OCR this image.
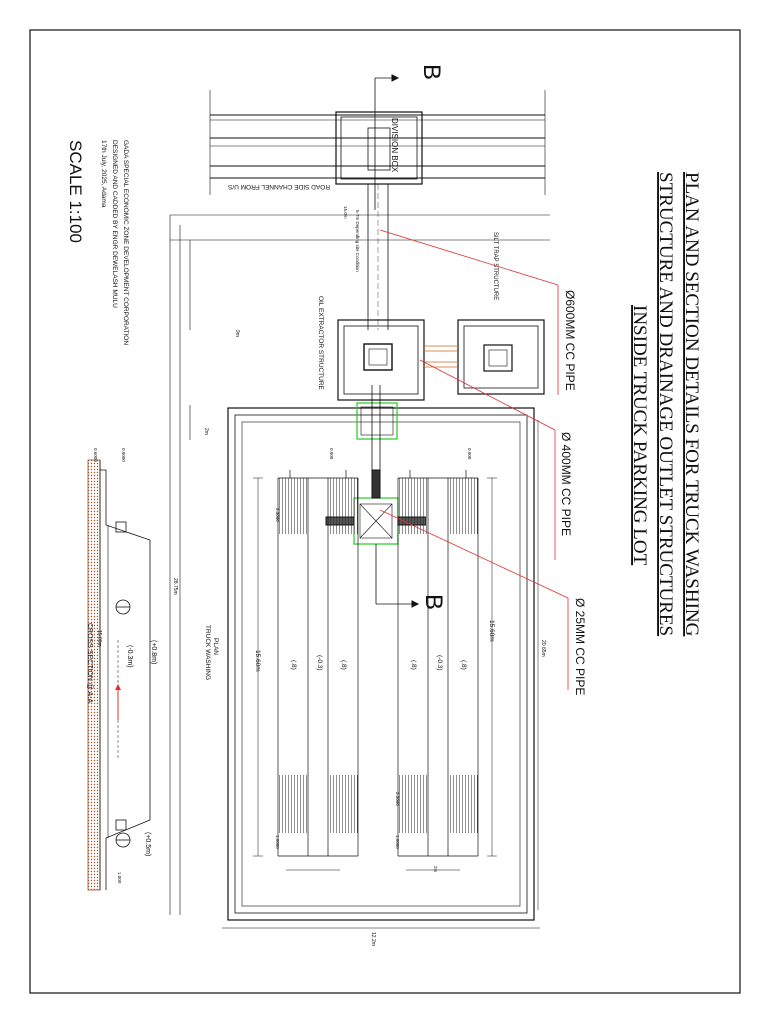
PLAN AND SECTION DETAILS FOR TRUCK WASHING
STRUCTURE AND DRAINAGE OUTLET STRUCTURES
INSIDE TRUCK PARKING LOT
GADA SPECIAL ECONOMIC ZONE DEVELOPMENT CORPORATION
DESIGNED AND CADDED BY ENGR DEWELASH MULU
17th July, 2025, Adama
SCALE 1:100	ROAD SIDE CHANNEL FROM U/S
DIVISION BOX
B
5-7m Depending site Condition
9m
2m
15.0m
SILT TRAP STRUCTURE
OIL EXTRACTOR STRUCTURE
B
15.60m
15.60m
(.8)	(-0.3)	(.8)	(.8)	(-0.3)	(.8)
0.900	0.900
2.3000
2.3000
1.0000	1.0000
2m
28.75m
20.65m
12.2m
PLAN
TRUCK WASHING
Ø600MM CC PIPE
Ø 400MM CC PIPE
Ø 25MM CC PIPE
(+0.8m)
(-0.3m)
(+0.5m)
15.00m
0.6000	0.9000
1.000
CROSS SECTION @ A-A
